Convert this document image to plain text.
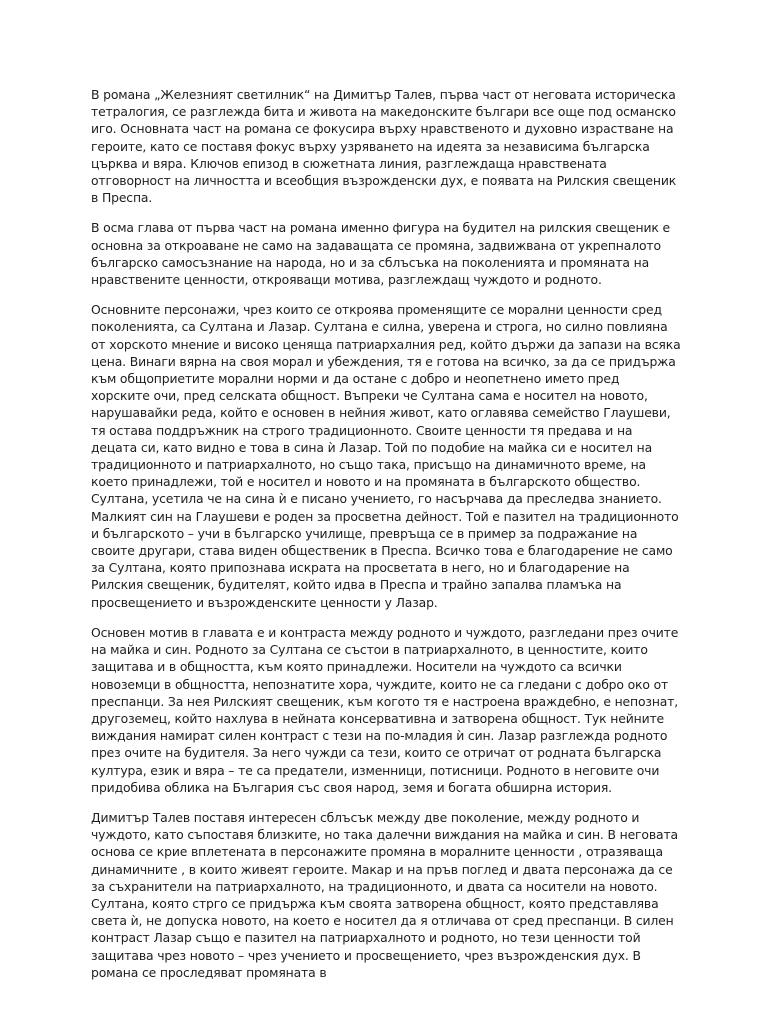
В романа „Железният светилник“ на Димитър Талев, първа част от неговата историческа тетралогия, се разглежда бита и живота на македонските българи все още под османско иго. Основната част на романа се фокусира върху нравственото и духовно израстване на героите, като се поставя фокус върху узряването на идеята за независима българска църква и вяра. Ключов епизод в сюжетната линия, разглеждаща нравствената отговорност на личността и всеобщия възрожденски дух, е появата на Рилския свещеник в Преспа.

В осма глава от първа част на романа именно фигура на будител на рилския свещеник е основна за откроаване не само на задаващата се промяна, задвижвана от укрепналото българско самосъзнание на народа, но и за сблъсъка на поколенията и промяната на нравствените ценности, открояващи мотива, разглеждащ чуждото и родното.

Основните персонажи, чрез които се откроява променящите се морални ценности сред поколенията, са Султана и Лазар. Султана е силна, уверена и строга, но силно повлияна от хорското мнение и високо ценяща патриархалния ред, който държи да запази на всяка цена. Винаги вярна на своя морал и убеждения, тя е готова на всичко, за да се придържа към общоприетите морални норми и да остане с добро и неопетнено името пред хорските очи, пред селската общност. Въпреки че Султана сама е носител на новото, нарушавайки реда, който е основен в нейния живот, като оглавява семейство Глаушеви, тя остава поддръжник на строго традиционното. Своите ценности тя предава и на децата си, като видно е това в сина ѝ Лазар. Той по подобие на майка си е носител на традиционното и патриархалното, но също така, присъщо на динамичното време, на което принадлежи, той е носител и новото и на промяната в българското общество. Султана, усетила че на сина ѝ е писано учението, го насърчава да преследва знанието. Малкият син на Глаушеви е роден за просветна дейност. Той е пазител на традиционното и българското – учи в българско училище, превръща се в пример за подражание на своите другари, става виден общественик в Преспа. Всичко това е благодарение не само за Султана, която припознава искрата на просветата в него, но и благодарение на Рилския свещеник, будителят, който идва в Преспа и трайно запалва пламъка на просвещението и възрожденските ценности у Лазар.

Основен мотив в главата е и контраста между родното и чуждото, разгледани през очите на майка и син. Родното за Султана се състои в патриархалното, в ценностите, които защитава и в общността, към която принадлежи. Носители на чуждото са всички новоземци в общността, непознатите хора, чуждите, които не са гледани с добро око от преспанци. За нея Рилският свещеник, към когото тя е настроена враждебно, е непознат, другоземец, който нахлува в нейната консервативна и затворена общност. Тук нейните виждания намират силен контраст с тези на по-младия ѝ син. Лазар разглежда родното през очите на будителя. За него чужди са тези, които се отричат от родната българска култура, език и вяра – те са предатели, изменници, потисници. Родното в неговите очи придобива облика на България със своя народ, земя и богата обширна история.

Димитър Талев поставя интересен сблъсък между две поколение, между родното и чуждото, като съпоставя близките, но така далечни виждания на майка и син. В неговата основа се крие вплетената в персонажите промяна в моралните ценности , отразяваща динамичните , в които живеят героите. Макар и на пръв поглед и двата персонажа да се за съхранители на патриархалното, на традиционното, и двата са носители на новото. Султана, която стргo се придържа към своята затворена общност, която представлява света ѝ, не допуска новото, на което е носител да я отличава от сред преспанци. В силен контраст Лазар също е пазител на патриархалното и родното, но тези ценности той защитава чрез новото – чрез учението и просвещението, чрез възрожденския дух. В романа се проследяват промяната в
